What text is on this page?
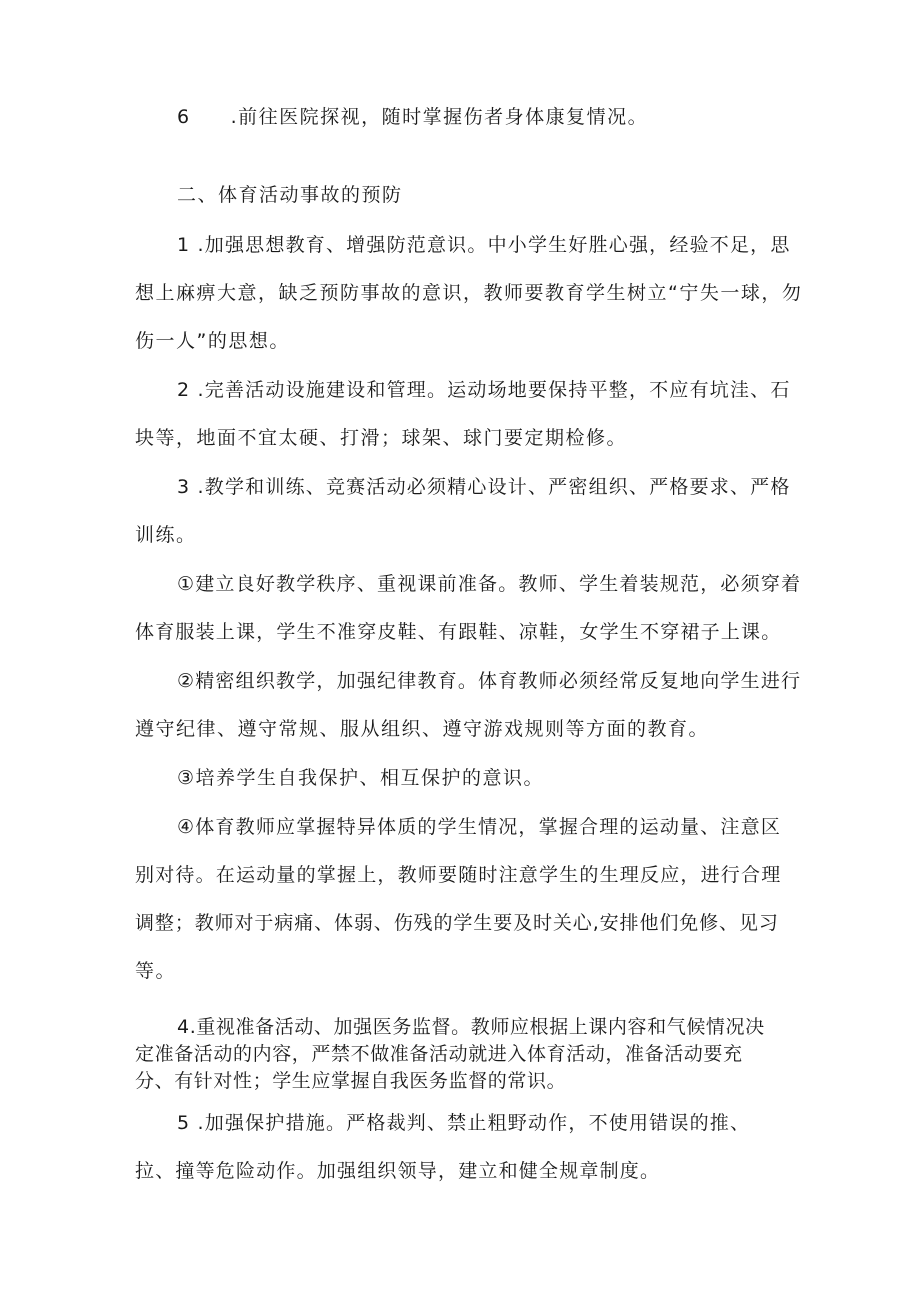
6 .前往医院探视，随时掌握伤者身体康复情况。
二、体育活动事故的预防
1 .加强思想教育、增强防范意识。中小学生好胜心强，经验不足，思
想上麻痹大意，缺乏预防事故的意识，教师要教育学生树立“宁失一球，勿
伤一人”的思想。
2 .完善活动设施建设和管理。运动场地要保持平整，不应有坑洼、石
块等，地面不宜太硬、打滑；球架、球门要定期检修。
3 .教学和训练、竞赛活动必须精心设计、严密组织、严格要求、严格
训练。
①建立良好教学秩序、重视课前准备。教师、学生着装规范，必须穿着
体育服装上课，学生不准穿皮鞋、有跟鞋、凉鞋，女学生不穿裙子上课。
②精密组织教学，加强纪律教育。体育教师必须经常反复地向学生进行
遵守纪律、遵守常规、服从组织、遵守游戏规则等方面的教育。
③培养学生自我保护、相互保护的意识。
④体育教师应掌握特异体质的学生情况，掌握合理的运动量、注意区
别对待。在运动量的掌握上，教师要随时注意学生的生理反应，进行合理
调整；教师对于病痛、体弱、伤残的学生要及时关心,安排他们免修、见习
等。
4.重视准备活动、加强医务监督。教师应根据上课内容和气候情况决
定准备活动的内容，严禁不做准备活动就进入体育活动，准备活动要充
分、有针对性；学生应掌握自我医务监督的常识。
5 .加强保护措施。严格裁判、禁止粗野动作，不使用错误的推、
拉、撞等危险动作。加强组织领导，建立和健全规章制度。
